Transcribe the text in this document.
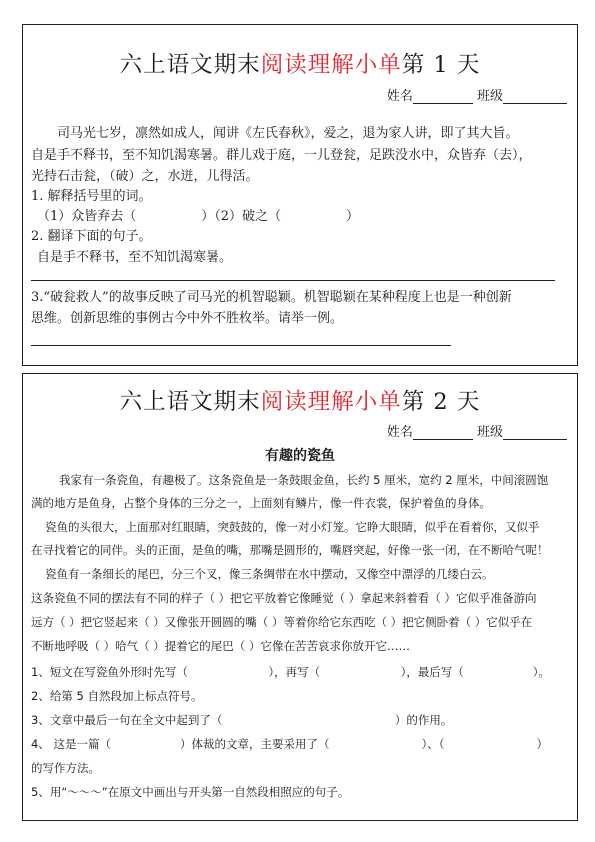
六上语文期末阅读理解小单第 1 天
姓名	班级
司马光七岁，凛然如成人，闻讲《左氏春秋》，爱之，退为家人讲，即了其大旨。
自是手不释书，至不知饥渴寒暑。群儿戏于庭，一儿登瓮，足跌没水中，众皆弃（去），
光持石击瓮，（破）之，水迸，儿得活。
1. 解释括号里的词。
（1）众皆弃去（　　　　　）（2）破之（　　　　　）
2. 翻译下面的句子。
自是手不释书，至不知饥渴寒暑。
3.“破瓮救人”的故事反映了司马光的机智聪颖。机智聪颖在某种程度上也是一种创新
思维。创新思维的事例古今中外不胜枚举。请举一例。
六上语文期末阅读理解小单第 2 天
姓名	班级
有趣的瓷鱼
我家有一条瓷鱼，有趣极了。这条瓷鱼是一条鼓眼金鱼，长约 5 厘米，宽约 2 厘米，中间滚圆饱
满的地方是鱼身，占整个身体的三分之一，上面刻有鳞片，像一件衣裳，保护着鱼的身体。
瓷鱼的头很大，上面那对红眼睛，突鼓鼓的，像一对小灯笼。它睁大眼睛，似乎在看着你，又似乎
在寻找着它的同伴。头的正面，是鱼的嘴，那嘴是圆形的，嘴唇突起，好像一张一闭，在不断哈气呢！
瓷鱼有一条细长的尾巴，分三个叉，像三条绸带在水中摆动，又像空中漂浮的几缕白云。
这条瓷鱼不同的摆法有不同的样子（ ）把它平放着它像睡觉（ ）拿起来斜着看（ ）它似乎准备游向
远方（ ）把它竖起来（ ）又像张开圆圆的嘴（ ）等着你给它东西吃（ ）把它侧卧着（ ）它似乎在
不断地呼吸（ ）哈气（ ）提着它的尾巴（ ）它像在苦苦哀求你放开它……
1、短文在写瓷鱼外形时先写（　　　　　　　），再写（　　　　　　　），最后写（　　　　　　）。
2、给第 5 自然段加上标点符号。
3、文章中最后一句在全文中起到了（　　　　　　　　　　　　　　　）的作用。
4、 这是一篇（　　　　　　）体裁的文章，主要采用了（　　　　　　　　）、（　　　　　　　　）
的写作方法。
5、用“～～～”在原文中画出与开头第一自然段相照应的句子。
